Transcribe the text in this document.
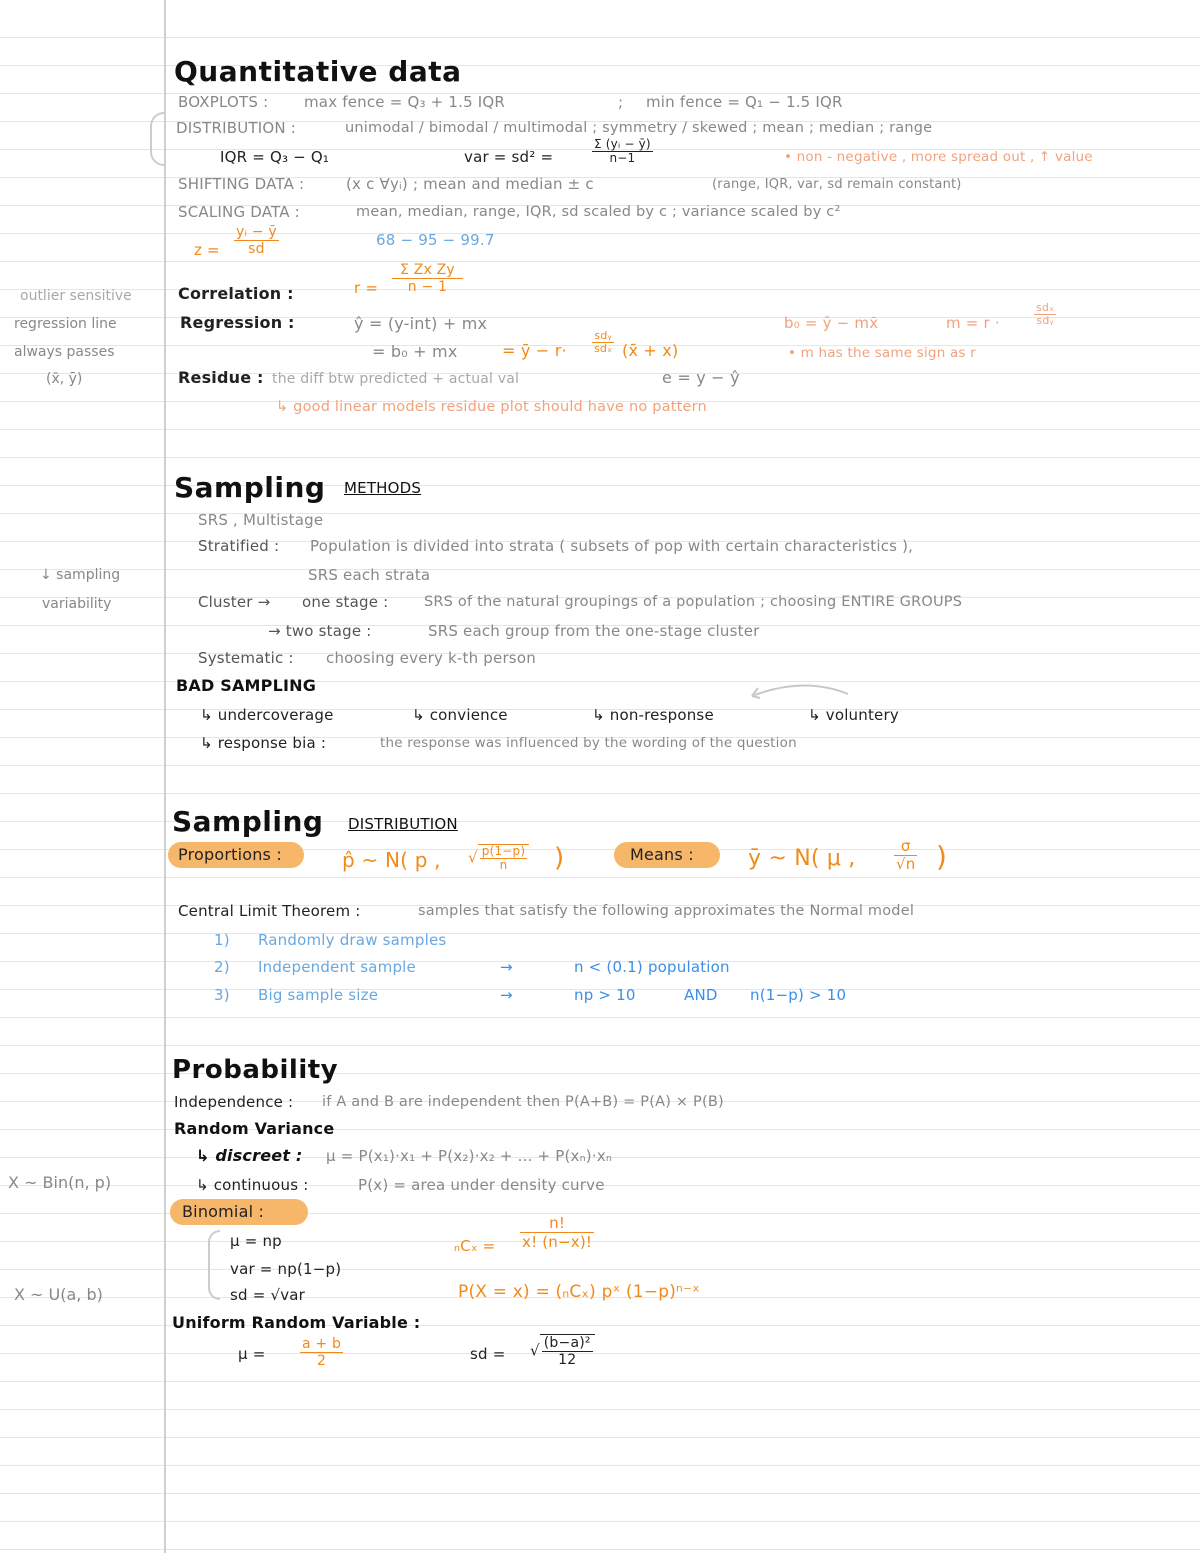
outlier sensitive
regression line
always passes
(x̄, ȳ)
↓ sampling
variability
X ~ Bin(n, p)
X ~ U(a, b)
Quantitative data
BOXPLOTS : max fence = Q₃ + 1.5 IQR	; min fence = Q₁ − 1.5 IQR
DISTRIBUTION :	unimodal / bimodal / multimodal ; symmetry / skewed ; mean ; median ; range
IQR = Q₃ − Q₁	var = sd² =	$\frac{\text{Σ (yᵢ − ȳ)}}{n-1}$	• non - negative , more spread out , ↑ value
SHIFTING DATA :	(x c ∀yᵢ) ; mean and median ± c	(range, IQR, var, sd remain constant)
SCALING DATA :	mean, median, range, IQR, sd scaled by c ; variance scaled by c²
$z = \frac{\text{yᵢ − ȳ}}{sd}$	68 − 95 − 99.7
Correlation :	$r = \frac{\text{Σ Zx Zy}}{n - 1}$
Regression :	ŷ = (y-int) + mx
= b₀ + mx	= ȳ − $r\cdot \frac{\text{sdᵧ}}{\text{sdₓ}}$ (x̄ + x)
b₀ = ȳ − mx̄	m = r ·	$\frac{\text{sdₓ}}{\text{sdᵧ}}$
• m has the same sign as r
Residue : the diff btw predicted + actual val	e = y − ŷ
↳ good linear models residue plot should have no pattern
Sampling METHODS
SRS , Multistage
Stratified : Population is divided into strata ( subsets of pop with certain characteristics ),
SRS each strata
Cluster → one stage : SRS of the natural groupings of a population ; choosing ENTIRE GROUPS
→ two stage :	SRS each group from the one-stage cluster
Systematic : choosing every k-th person
BAD SAMPLING
↳ undercoverage	↳ convience	↳ non-response	↳ voluntery
↳ response bia :	the response was influenced by the wording of the question
Sampling DISTRIBUTION
Proportions :	p̂ ~ N( p , √ $\frac{p(1-p)}{n}$ )	Means : ȳ ~ N( μ ,	$\frac{\sigma}{√n}$ )
Central Limit Theorem :	samples that satisfy the following approximates the Normal model
1) Randomly draw samples
2) Independent sample	→	n < (0.1) population
3) Big sample size	→	np > 10	AND n(1−p) > 10
Probability
Independence : if A and B are independent then P(A+B) = P(A) × P(B)
Random Variance
↳ discreet : μ = P(x₁)·x₁ + P(x₂)·x₂ + ... + P(xₙ)·xₙ
↳ continuous :	P(x) = area under density curve
Binomial :
μ = np
var = np(1−p)
sd = √var
$_nC_x = \frac{n!}{x! (n-x)!}$
P(X = x) = (ₙCₓ) pˣ (1−p)ⁿ⁻ˣ
Uniform Random Variable :
$\mu = \frac{a + b}{2}$	sd = √ $\frac{\text{(b−a)²}}{12}$
